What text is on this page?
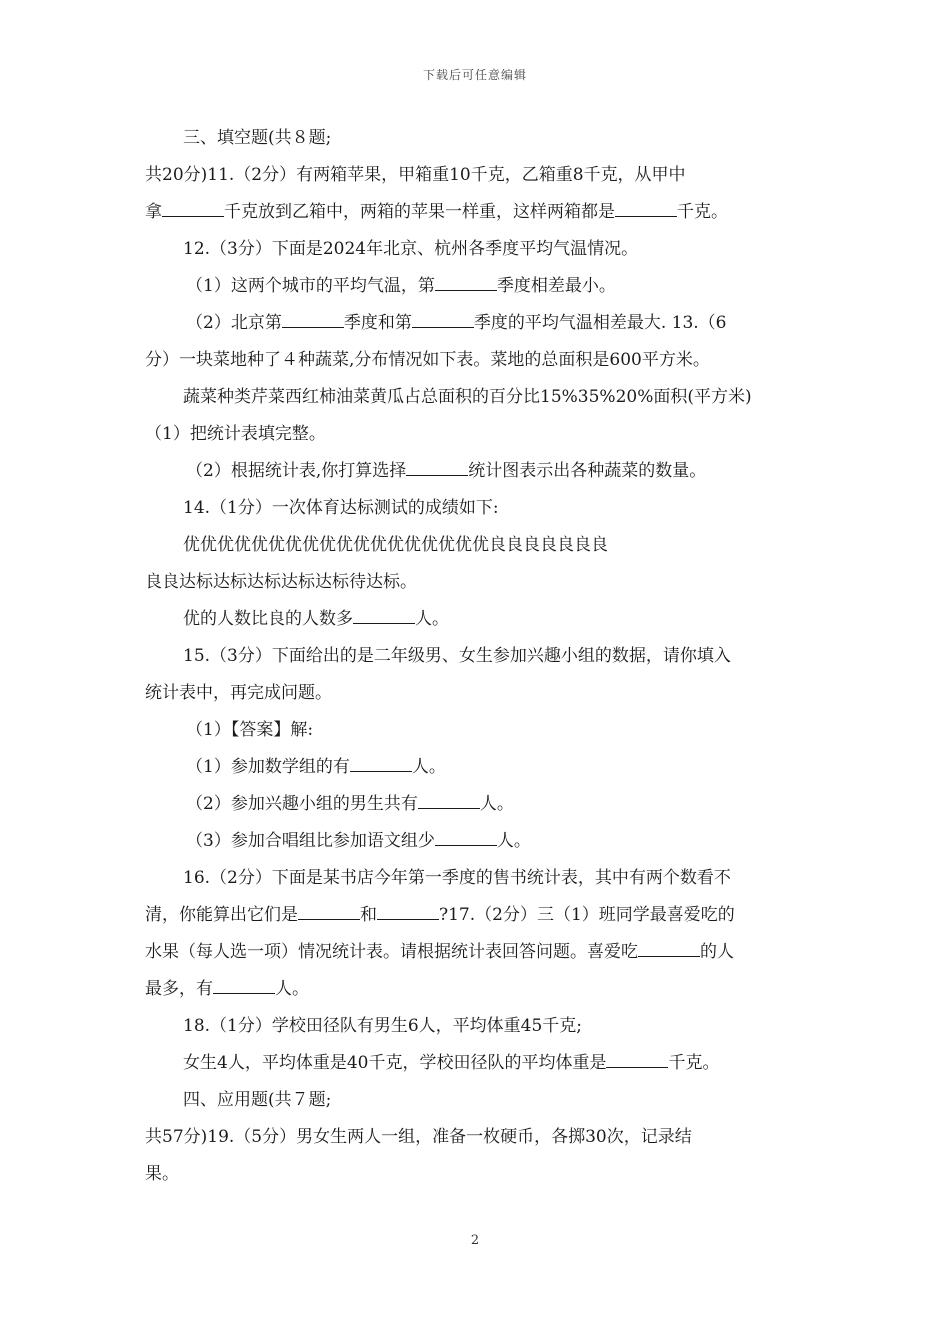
下载后可任意编辑
三、填空题(共８题;
共20分)11.（2分）有两箱苹果，甲箱重10千克，乙箱重8千克，从甲中
拿	千克放到乙箱中，两箱的苹果一样重，这样两箱都是	千克。
12.（3分）下面是2024年北京、杭州各季度平均气温情况。
（1）这两个城市的平均气温，第	季度相差最小。
（2）北京第	季度和第	季度的平均气温相差最大. 13.（6
分）一块菜地种了４种蔬菜,分布情况如下表。菜地的总面积是600平方米。
蔬菜种类芹菜西红柿油菜黄瓜占总面积的百分比15%35%20%面积(平方米)
（1）把统计表填完整。
（2）根据统计表,你打算选择	统计图表示出各种蔬菜的数量。
14.（1分）一次体育达标测试的成绩如下:
优优优优优优优优优优优优优优优优优优良良良良良良良
良良达标达标达标达标达标待达标。
优的人数比良的人数多	人。
15.（3分）下面给出的是二年级男、女生参加兴趣小组的数据，请你填入
统计表中，再完成问题。
（1）【答案】解:
（1）参加数学组的有	人。
（2）参加兴趣小组的男生共有	人。
（3）参加合唱组比参加语文组少	人。
16.（2分）下面是某书店今年第一季度的售书统计表，其中有两个数看不
清，你能算出它们是	和	?17.（2分）三（1）班同学最喜爱吃的
水果（每人选一项）情况统计表。请根据统计表回答问题。喜爱吃	的人
最多，有	人。
18.（1分）学校田径队有男生6人，平均体重45千克;
女生4人，平均体重是40千克，学校田径队的平均体重是	千克。
四、应用题(共７题;
共57分)19.（5分）男女生两人一组，准备一枚硬币，各掷30次，记录结
果。
2
